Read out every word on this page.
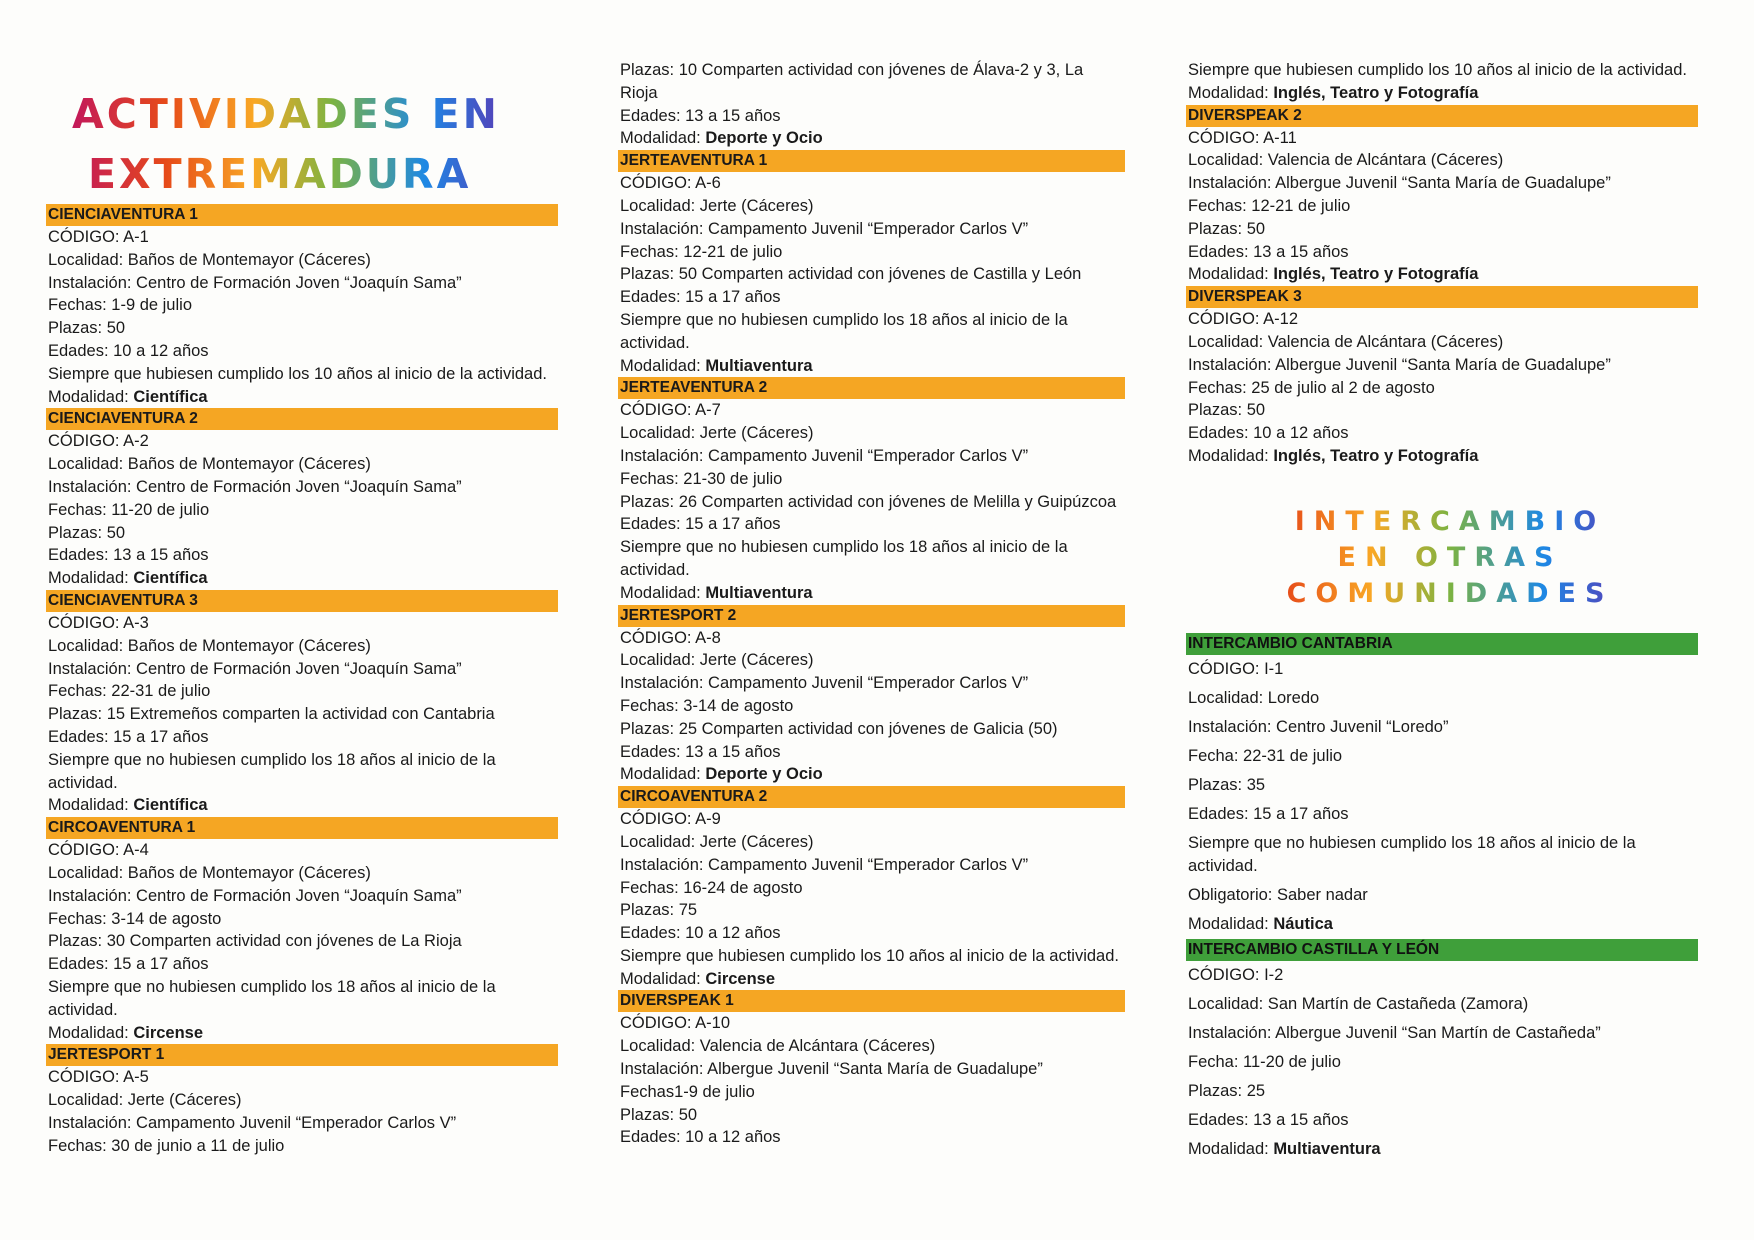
ACTIVIDADES EN
EXTREMADURA
CIENCIAVENTURA 1
CÓDIGO: A-1
Localidad: Baños de Montemayor (Cáceres)
Instalación: Centro de Formación Joven “Joaquín Sama”
Fechas: 1-9 de julio
Plazas: 50
Edades: 10 a 12 años
Siempre que hubiesen cumplido los 10 años al inicio de la actividad.
Modalidad: Científica
CIENCIAVENTURA 2
CÓDIGO: A-2
Localidad: Baños de Montemayor (Cáceres)
Instalación: Centro de Formación Joven “Joaquín Sama”
Fechas: 11-20 de julio
Plazas: 50
Edades: 13 a 15 años
Modalidad: Científica
CIENCIAVENTURA 3
CÓDIGO: A-3
Localidad: Baños de Montemayor (Cáceres)
Instalación: Centro de Formación Joven “Joaquín Sama”
Fechas: 22-31 de julio
Plazas: 15 Extremeños comparten la actividad con Cantabria
Edades: 15 a 17 años
Siempre que no hubiesen cumplido los 18 años al inicio de la actividad.
Modalidad: Científica
CIRCOAVENTURA 1
CÓDIGO: A-4
Localidad: Baños de Montemayor (Cáceres)
Instalación: Centro de Formación Joven “Joaquín Sama”
Fechas: 3-14 de agosto
Plazas: 30 Comparten actividad con jóvenes de La Rioja
Edades: 15 a 17 años
Siempre que no hubiesen cumplido los 18 años al inicio de la actividad.
Modalidad: Circense
JERTESPORT 1
CÓDIGO: A-5
Localidad: Jerte (Cáceres)
Instalación: Campamento Juvenil “Emperador Carlos V”
Fechas: 30 de junio a 11 de julio
Plazas: 10 Comparten actividad con jóvenes de Álava-2 y 3, La Rioja
Edades: 13 a 15 años
Modalidad: Deporte y Ocio
JERTEAVENTURA 1
CÓDIGO: A-6
Localidad: Jerte (Cáceres)
Instalación: Campamento Juvenil “Emperador Carlos V”
Fechas: 12-21 de julio
Plazas: 50 Comparten actividad con jóvenes de Castilla y León
Edades: 15 a 17 años
Siempre que no hubiesen cumplido los 18 años al inicio de la actividad.
Modalidad: Multiaventura
JERTEAVENTURA 2
CÓDIGO: A-7
Localidad: Jerte (Cáceres)
Instalación: Campamento Juvenil “Emperador Carlos V”
Fechas: 21-30 de julio
Plazas: 26 Comparten actividad con jóvenes de Melilla y Guipúzcoa
Edades: 15 a 17 años
Siempre que no hubiesen cumplido los 18 años al inicio de la actividad.
Modalidad: Multiaventura
JERTESPORT 2
CÓDIGO: A-8
Localidad: Jerte (Cáceres)
Instalación: Campamento Juvenil “Emperador Carlos V”
Fechas: 3-14 de agosto
Plazas: 25 Comparten actividad con jóvenes de Galicia (50)
Edades: 13 a 15 años
Modalidad: Deporte y Ocio
CIRCOAVENTURA 2
CÓDIGO: A-9
Localidad: Jerte (Cáceres)
Instalación: Campamento Juvenil “Emperador Carlos V”
Fechas: 16-24 de agosto
Plazas: 75
Edades: 10 a 12 años
Siempre que hubiesen cumplido los 10 años al inicio de la actividad.
Modalidad: Circense
DIVERSPEAK 1
CÓDIGO: A-10
Localidad: Valencia de Alcántara (Cáceres)
Instalación: Albergue Juvenil “Santa María de Guadalupe”
Fechas1-9 de julio
Plazas: 50
Edades: 10 a 12 años
Siempre que hubiesen cumplido los 10 años al inicio de la actividad.
Modalidad: Inglés, Teatro y Fotografía
DIVERSPEAK 2
CÓDIGO: A-11
Localidad: Valencia de Alcántara (Cáceres)
Instalación: Albergue Juvenil “Santa María de Guadalupe”
Fechas: 12-21 de julio
Plazas: 50
Edades: 13 a 15 años
Modalidad: Inglés, Teatro y Fotografía
DIVERSPEAK 3
CÓDIGO: A-12
Localidad: Valencia de Alcántara (Cáceres)
Instalación: Albergue Juvenil “Santa María de Guadalupe”
Fechas: 25 de julio al 2 de agosto
Plazas: 50
Edades: 10 a 12 años
Modalidad: Inglés, Teatro y Fotografía
INTERCAMBIO
EN OTRAS
COMUNIDADES
INTERCAMBIO CANTABRIA
CÓDIGO: I-1
Localidad: Loredo
Instalación: Centro Juvenil “Loredo”
Fecha: 22-31 de julio
Plazas: 35
Edades: 15 a 17 años
Siempre que no hubiesen cumplido los 18 años al inicio de la actividad.
Obligatorio: Saber nadar
Modalidad: Náutica
INTERCAMBIO CASTILLA Y LEÓN
CÓDIGO: I-2
Localidad: San Martín de Castañeda (Zamora)
Instalación: Albergue Juvenil “San Martín de Castañeda”
Fecha: 11-20 de julio
Plazas: 25
Edades: 13 a 15 años
Modalidad: Multiaventura
